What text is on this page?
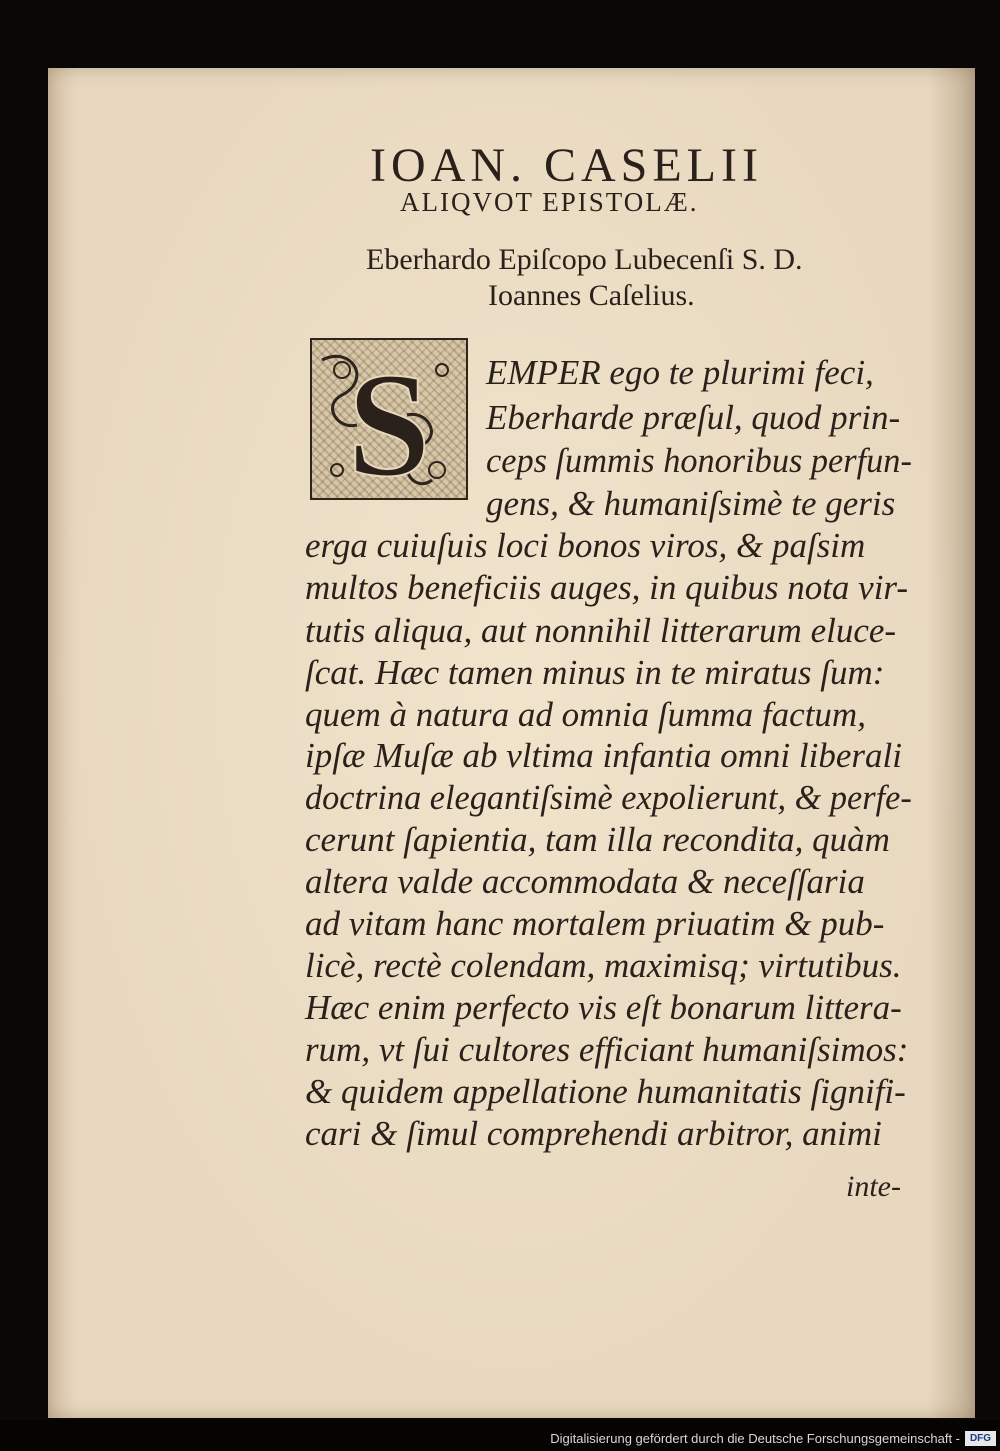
IOAN. CASELII
ALIQVOT EPISTOLÆ.
Eberhardo Epiſcopo Lubecenſi S. D.
Ioannes Caſelius.
S EMPER ego te plurimi feci,
Eberharde præſul, quod prin-
ceps ſummis honoribus perfun-
gens, & humaniſsimè te geris
erga cuiuſuis loci bonos viros, & paſsim
multos beneficiis auges, in quibus nota vir-
tutis aliqua, aut nonnihil litterarum eluce-
ſcat. Hæc tamen minus in te miratus ſum:
quem à natura ad omnia ſumma factum,
ipſæ Muſæ ab vltima infantia omni liberali
doctrina elegantiſsimè expolierunt, & perfe-
cerunt ſapientia, tam illa recondita, quàm
altera valde accommodata & neceſſaria
ad vitam hanc mortalem priuatim & pub-
licè, rectè colendam, maximisq; virtutibus.
Hæc enim perfecto vis eſt bonarum littera-
rum, vt ſui cultores efficiant humaniſsimos:
& quidem appellatione humanitatis ſignifi-
cari & ſimul comprehendi arbitror, animi
inte-
Digitalisierung gefördert durch die Deutsche Forschungsgemeinschaft - DFG
